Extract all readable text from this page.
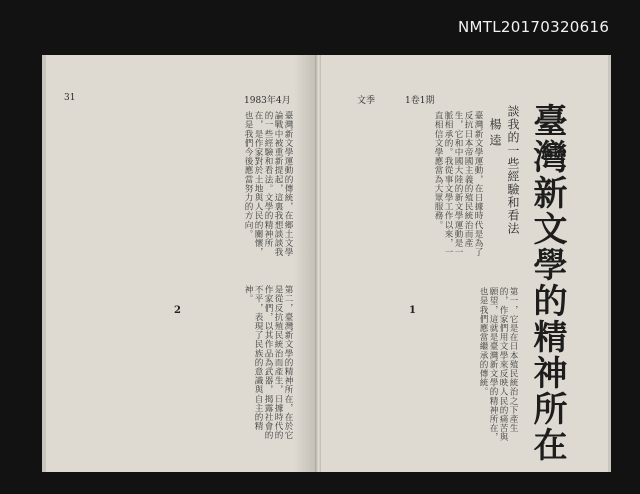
NMTL20170320616
31	1983年4月
臺灣新文學運動的傳統，在鄉土文學論戰中被重新提起，這裏我想談談我的一些經驗和看法。文學的精神所在，是作家對於土地與人民的關懷，也是我們今後應當努力的方向。
2	第二，臺灣新文學的精神所在，在於它是從反抗殖民統治而產生，日據時代的作家們，以其作品為武器，揭露社會的不平，表現了民族的意識與自主的精神。
文季	1卷1期
臺灣新文學運動，在日據時代是為了反抗日本帝國主義的殖民統治而產生，它和中國大陸的新文學運動是一脈相承的。我從事文學工作以來，一直相信文學應當為大眾服務。
1	第一，它是在日本殖民統治之下產生的，作家們用文學來反映人民的痛苦與願望，這就是臺灣新文學的精神所在，也是我們應當繼承的傳統。	臺灣新文學的精神所在
談我的一些經驗和看法
楊逵
